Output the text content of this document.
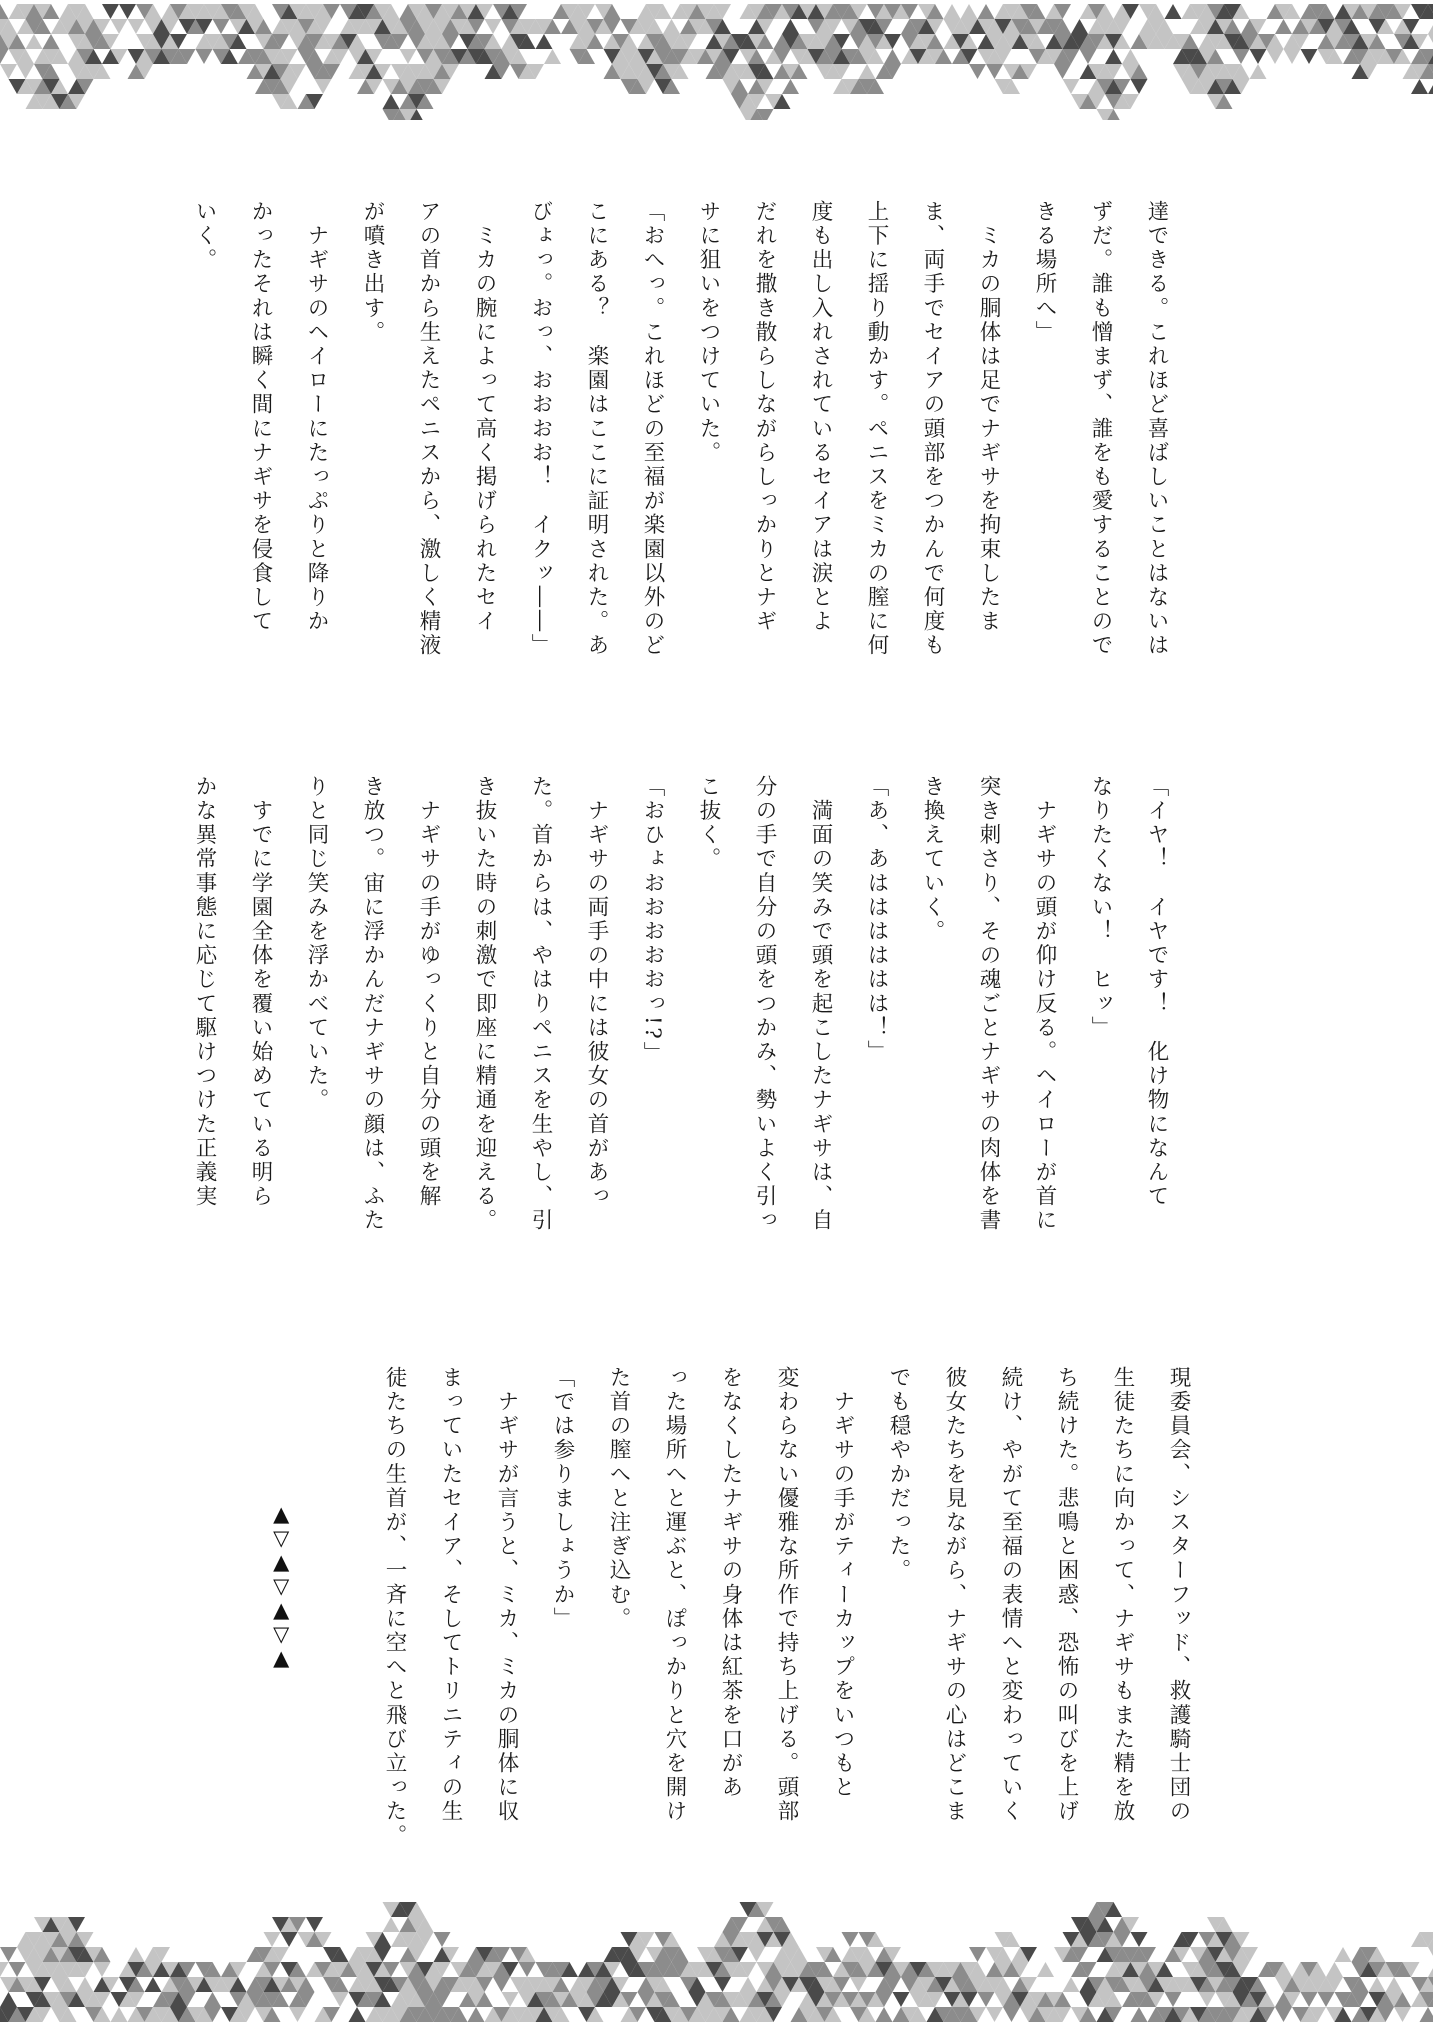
達できる。これほど喜ばしいことはないは
ずだ。誰も憎まず、誰をも愛することので
きる場所へ」
　ミカの胴体は足でナギサを拘束したま
ま、両手でセイアの頭部をつかんで何度も
上下に揺り動かす。ペニスをミカの膣に何
度も出し入れされているセイアは涙とよ
だれを撒き散らしながらしっかりとナギ
サに狙いをつけていた。
「おへっ。これほどの至福が楽園以外のど
こにある？　楽園はここに証明された。あ
びょっ。おっ、おおおお！　イクッ――」
　ミカの腕によって高く掲げられたセイ
アの首から生えたペニスから、激しく精液
が噴き出す。
　ナギサのヘイローにたっぷりと降りか
かったそれは瞬く間にナギサを侵食して
いく。
「イヤ！　イヤです！　化け物になんて
なりたくない！　ヒッ」
　ナギサの頭が仰け反る。ヘイローが首に
突き刺さり、その魂ごとナギサの肉体を書
き換えていく。
「あ、あはははははは！」
　満面の笑みで頭を起こしたナギサは、自
分の手で自分の頭をつかみ、勢いよく引っ
こ抜く。
「おひょおおおおおっ!?」
　ナギサの両手の中には彼女の首があっ
た。首からは、やはりペニスを生やし、引
き抜いた時の刺激で即座に精通を迎える。
　ナギサの手がゆっくりと自分の頭を解
き放つ。宙に浮かんだナギサの顔は、ふた
りと同じ笑みを浮かべていた。
　すでに学園全体を覆い始めている明ら
かな異常事態に応じて駆けつけた正義実
現委員会、シスターフッド、救護騎士団の
生徒たちに向かって、ナギサもまた精を放
ち続けた。悲鳴と困惑、恐怖の叫びを上げ
続け、やがて至福の表情へと変わっていく
彼女たちを見ながら、ナギサの心はどこま
でも穏やかだった。
　ナギサの手がティーカップをいつもと
変わらない優雅な所作で持ち上げる。頭部
をなくしたナギサの身体は紅茶を口があ
った場所へと運ぶと、ぽっかりと穴を開け
た首の膣へと注ぎ込む。
「では参りましょうか」
　ナギサが言うと、ミカ、ミカの胴体に収
まっていたセイア、そしてトリニティの生
徒たちの生首が、一斉に空へと飛び立った。
▲▽▲▽▲▽▲
